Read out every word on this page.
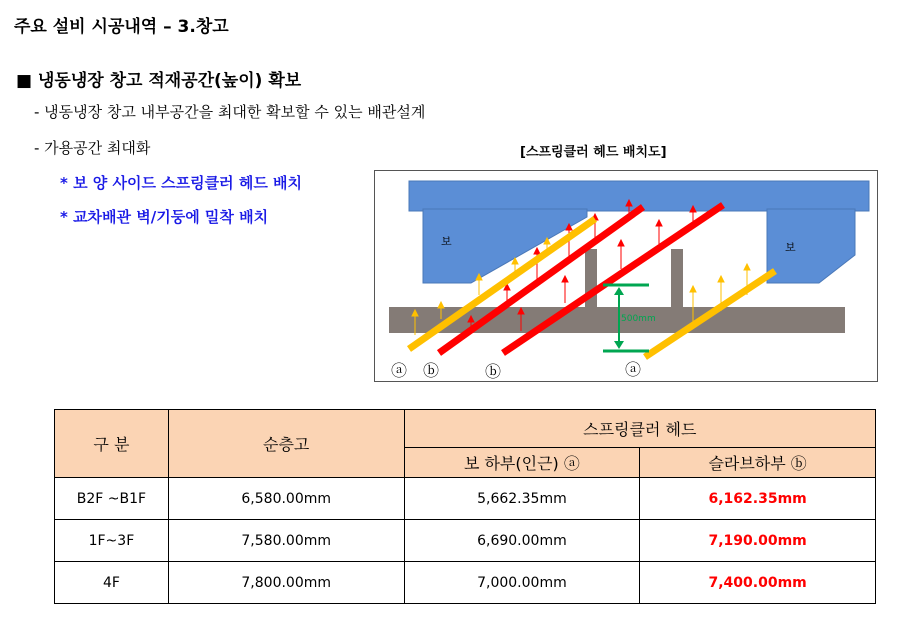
주요 설비 시공내역 – 3.창고
■ 냉동냉장 창고 적재공간(높이) 확보
- 냉동냉장 창고 내부공간을 최대한 확보할 수 있는 배관설계
- 가용공간 최대화
* 보 양 사이드 스프링클러 헤드 배치
* 교차배관 벽/기둥에 밀착 배치
[스프링클러 헤드 배치도]
보	보
500mm
ⓐ ⓑ	ⓑ	ⓐ
구 분	순층고	스프링클러 헤드	
		보 하부(인근) ⓐ	슬라브하부 ⓑ
B2F ~B1F	6,580.00mm	5,662.35mm	6,162.35mm
1F~3F	7,580.00mm	6,690.00mm	7,190.00mm
4F	7,800.00mm	7,000.00mm	7,400.00mm
